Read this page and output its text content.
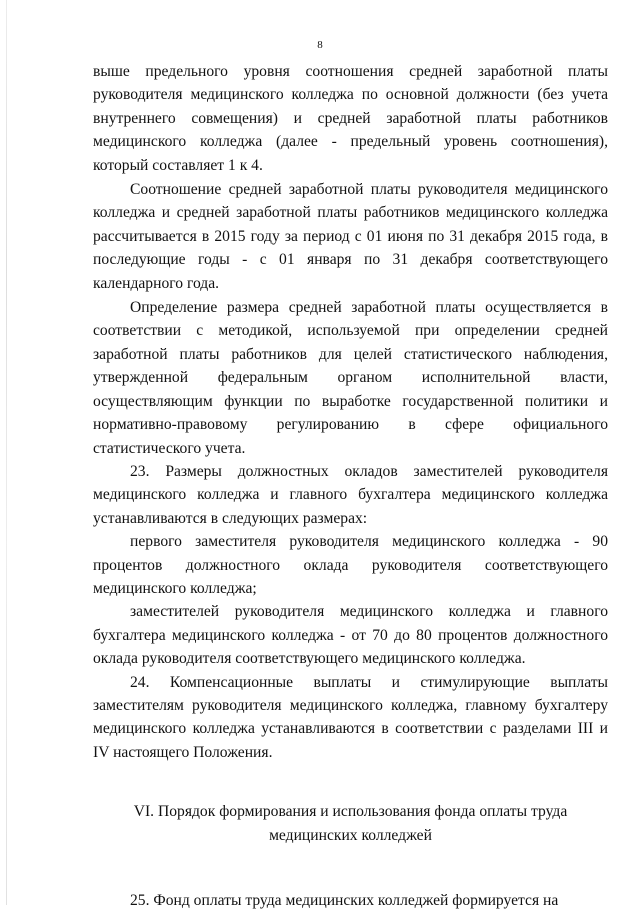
8

выше предельного уровня соотношения средней заработной платы руководителя медицинского колледжа по основной должности (без учета внутреннего совмещения) и средней заработной платы работников медицинского колледжа (далее - предельный уровень соотношения), который составляет 1 к 4.

Соотношение средней заработной платы руководителя медицинского колледжа и средней заработной платы работников медицинского колледжа рассчитывается в 2015 году за период с 01 июня по 31 декабря 2015 года, в последующие годы - с 01 января по 31 декабря соответствующего календарного года.

Определение размера средней заработной платы осуществляется в соответствии с методикой, используемой при определении средней заработной платы работников для целей статистического наблюдения, утвержденной федеральным органом исполнительной власти, осуществляющим функции по выработке государственной политики и нормативно-правовому регулированию в сфере официального статистического учета.

23. Размеры должностных окладов заместителей руководителя медицинского колледжа и главного бухгалтера медицинского колледжа устанавливаются в следующих размерах:

первого заместителя руководителя медицинского колледжа - 90 процентов должностного оклада руководителя соответствующего медицинского колледжа;

заместителей руководителя медицинского колледжа и главного бухгалтера медицинского колледжа - от 70 до 80 процентов должностного оклада руководителя соответствующего медицинского колледжа.

24. Компенсационные выплаты и стимулирующие выплаты заместителям руководителя медицинского колледжа, главному бухгалтеру медицинского колледжа устанавливаются в соответствии с разделами III и IV настоящего Положения.

VI. Порядок формирования и использования фонда оплаты труда
медицинских колледжей

25. Фонд оплаты труда медицинских колледжей формируется на
